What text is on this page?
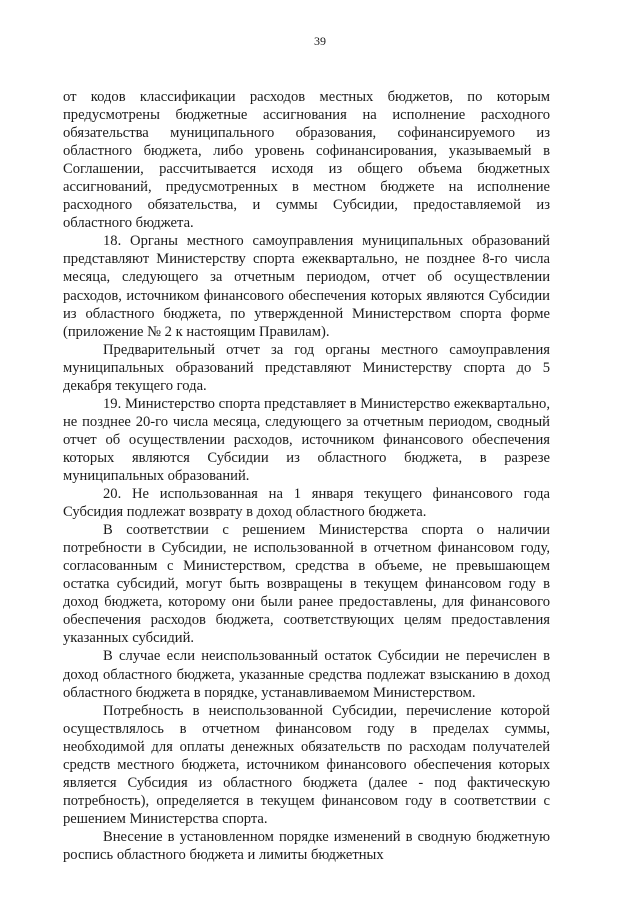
39

от кодов классификации расходов местных бюджетов, по которым предусмотрены бюджетные ассигнования на исполнение расходного обязательства муниципального образования, софинансируемого из областного бюджета, либо уровень софинансирования, указываемый в Соглашении, рассчитывается исходя из общего объема бюджетных ассигнований, предусмотренных в местном бюджете на исполнение расходного обязательства, и суммы Субсидии, предоставляемой из областного бюджета.

18. Органы местного самоуправления муниципальных образований представляют Министерству спорта ежеквартально, не позднее 8-го числа месяца, следующего за отчетным периодом, отчет об осуществлении расходов, источником финансового обеспечения которых являются Субсидии из областного бюджета, по утвержденной Министерством спорта форме (приложение № 2 к настоящим Правилам).

Предварительный отчет за год органы местного самоуправления муниципальных образований представляют Министерству спорта до 5 декабря текущего года.

19. Министерство спорта представляет в Министерство ежеквартально, не позднее 20-го числа месяца, следующего за отчетным периодом, сводный отчет об осуществлении расходов, источником финансового обеспечения которых являются Субсидии из областного бюджета, в разрезе муниципальных образований.

20. Не использованная на 1 января текущего финансового года Субсидия подлежат возврату в доход областного бюджета.

В соответствии с решением Министерства спорта о наличии потребности в Субсидии, не использованной в отчетном финансовом году, согласованным с Министерством, средства в объеме, не превышающем остатка субсидий, могут быть возвращены в текущем финансовом году в доход бюджета, которому они были ранее предоставлены, для финансового обеспечения расходов бюджета, соответствующих целям предоставления указанных субсидий.

В случае если неиспользованный остаток Субсидии не перечислен в доход областного бюджета, указанные средства подлежат взысканию в доход областного бюджета в порядке, устанавливаемом Министерством.

Потребность в неиспользованной Субсидии, перечисление которой осуществлялось в отчетном финансовом году в пределах суммы, необходимой для оплаты денежных обязательств по расходам получателей средств местного бюджета, источником финансового обеспечения которых является Субсидия из областного бюджета (далее - под фактическую потребность), определяется в текущем финансовом году в соответствии с решением Министерства спорта.

Внесение в установленном порядке изменений в сводную бюджетную роспись областного бюджета и лимиты бюджетных
